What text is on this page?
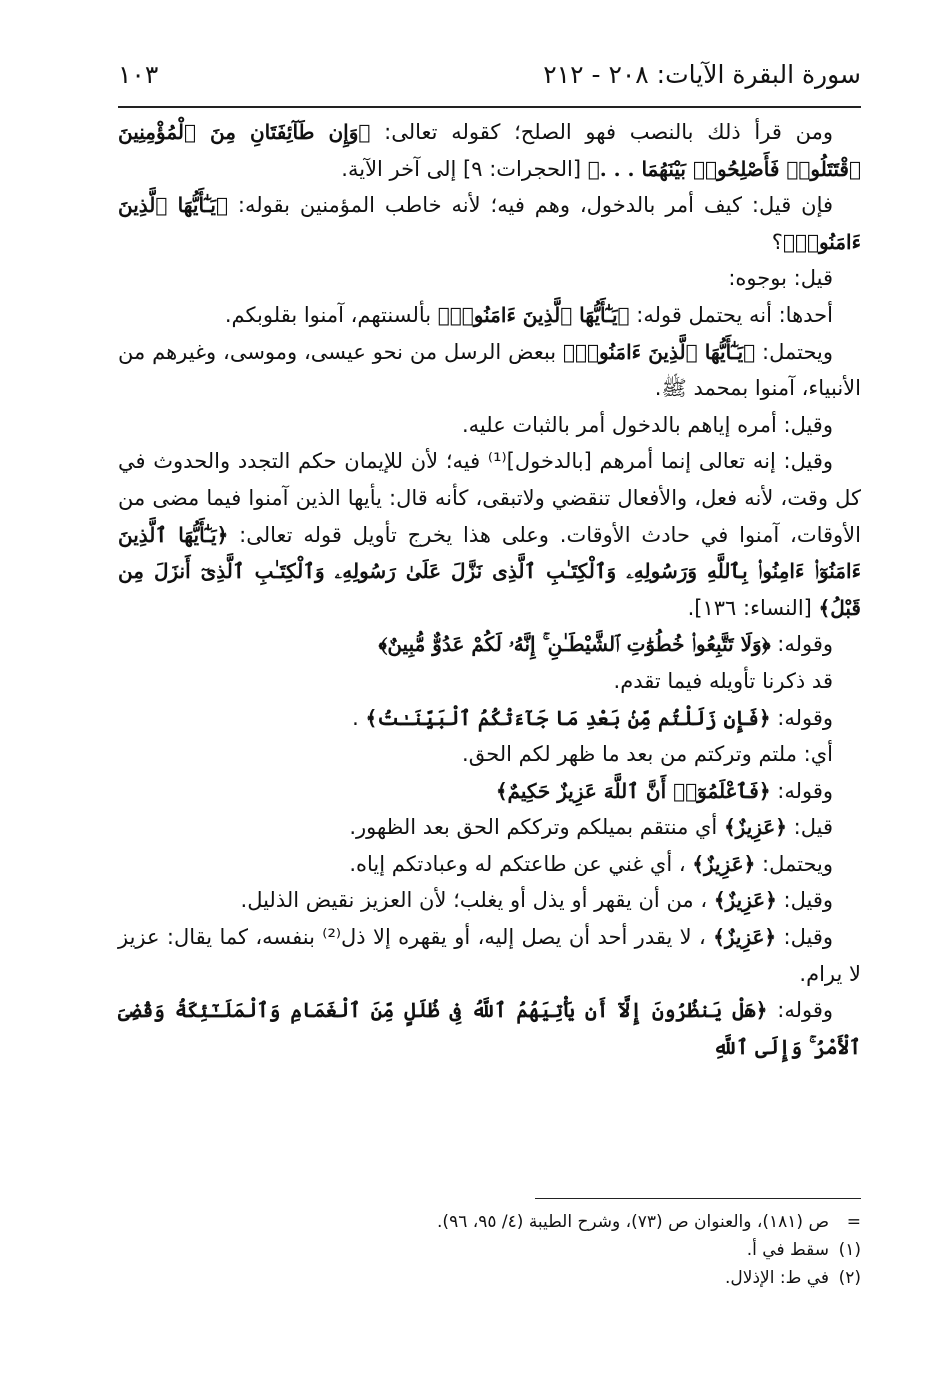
سورة البقرة الآيات: ٢٠٨ - ٢١٢
١٠٣

ومن قرأ ذلك بالنصب فهو الصلح؛ كقوله تعالى: ﴿وَإِن طَآئِفَتَانِ مِنَ ٱلْمُؤْمِنِينَ ٱقْتَتَلُوا۟ فَأَصْلِحُوا۟ بَيْنَهُمَا . . .﴾ [الحجرات: ٩] إلى آخر الآية.

فإن قيل: كيف أمر بالدخول، وهم فيه؛ لأنه خاطب المؤمنين بقوله: ﴿يَـٰٓأَيُّهَا ٱلَّذِينَ ءَامَنُوا۟﴾؟

قيل: بوجوه:

أحدها: أنه يحتمل قوله: ﴿يَـٰٓأَيُّهَا ٱلَّذِينَ ءَامَنُوا۟﴾ بألسنتهم، آمنوا بقلوبكم.

ويحتمل: ﴿يَـٰٓأَيُّهَا ٱلَّذِينَ ءَامَنُوا۟﴾ ببعض الرسل من نحو عيسى، وموسى، وغيرهم من الأنبياء، آمنوا بمحمد ﷺ.

وقيل: أمره إياهم بالدخول أمر بالثبات عليه.

وقيل: إنه تعالى إنما أمرهم [بالدخول]⁽¹⁾ فيه؛ لأن للإيمان حكم التجدد والحدوث في كل وقت، لأنه فعل، والأفعال تنقضي ولاتبقى، كأنه قال: يأيها الذين آمنوا فيما مضى من الأوقات، آمنوا في حادث الأوقات. وعلى هذا يخرج تأويل قوله تعالى: ﴿يَـٰٓأَيُّهَا ٱلَّذِينَ ءَامَنُوٓا۟ ءَامِنُوا۟ بِٱللَّهِ وَرَسُولِهِۦ وَٱلْكِتَـٰبِ ٱلَّذِى نَزَّلَ عَلَىٰ رَسُولِهِۦ وَٱلْكِتَـٰبِ ٱلَّذِىٓ أَنزَلَ مِن قَبْلُ﴾ [النساء: ١٣٦].

وقوله: ﴿وَلَا تَتَّبِعُوا۟ خُطُوَٰتِ ٱلشَّيْطَـٰنِ ۚ إِنَّهُۥ لَكُمْ عَدُوٌّ مُّبِينٌ﴾

قد ذكرنا تأويله فيما تقدم.

وقوله: ﴿فَإِن زَلَلْتُم مِّنۢ بَعْدِ مَا جَآءَتْكُمُ ٱلْبَيِّنَـٰتُ﴾ .

أي: ملتم وتركتم من بعد ما ظهر لكم الحق.

وقوله: ﴿فَٱعْلَمُوٓا۟ أَنَّ ٱللَّهَ عَزِيزٌ حَكِيمٌ﴾

قيل: ﴿عَزِيزٌ﴾ أي منتقم بميلكم وترككم الحق بعد الظهور.

ويحتمل: ﴿عَزِيزٌ﴾ ، أي غني عن طاعتكم له وعبادتكم إياه.

وقيل: ﴿عَزِيزٌ﴾ ، من أن يقهر أو يذل أو يغلب؛ لأن العزيز نقيض الذليل.

وقيل: ﴿عَزِيزٌ﴾ ، لا يقدر أحد أن يصل إليه، أو يقهره إلا ذل⁽²⁾ بنفسه، كما يقال: عزيز لا يرام.

وقوله: ﴿هَلْ يَنظُرُونَ إِلَّآ أَن يَأْتِيَهُمُ ٱللَّهُ فِى ظُلَلٍ مِّنَ ٱلْغَمَامِ وَٱلْمَلَـٰٓئِكَةُ وَقُضِىَ ٱلْأَمْرُ ۚ وَإِلَى ٱللَّهِ

=ص (١٨١)، والعنوان ص (٧٣)، وشرح الطيبة (٤/ ٩٥، ٩٦).

(١)سقط في أ.

(٢)في ط: الإذلال.
